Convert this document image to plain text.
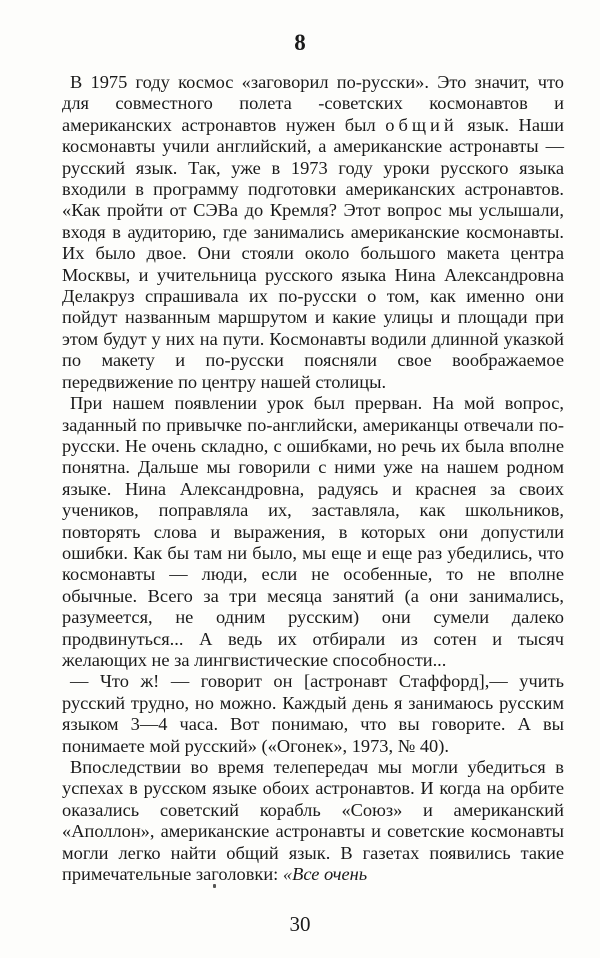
8

В 1975 году космос «заговорил по-русски». Это значит, что для совместного полета ‑советских космонавтов и американских астронавтов нужен был общий язык. Наши космонавты учили английский, а американские астронавты — русский язык. Так, уже в 1973 году уроки русского языка входили в программу подготовки американских астронавтов. «Как пройти от СЭВа до Кремля? Этот вопрос мы услышали, входя в аудиторию, где занимались американские космонавты. Их было двое. Они стояли около большого макета центра Москвы, и учительница русского языка Нина Александровна Делакруз спрашивала их по-русски о том, как именно они пойдут названным маршрутом и какие улицы и площади при этом будут у них на пути. Космонавты водили длинной указкой по макету и по-русски поясняли свое воображаемое передвижение по центру нашей столицы.

При нашем появлении урок был прерван. На мой вопрос, заданный по привычке по-английски, американцы отвечали по-русски. Не очень складно, с ошибками, но речь их была вполне понятна. Дальше мы говорили с ними уже на нашем родном языке. Нина Александровна, радуясь и краснея за своих учеников, поправляла их, заставляла, как школьников, повторять слова и выражения, в которых они допустили ошибки. Как бы там ни было, мы еще и еще раз убедились, что космонавты — люди, если не особенные, то не вполне обычные. Всего за три месяца занятий (а они занимались, разумеется, не одним русским) они сумели далеко продвинуться... А ведь их отбирали из сотен и тысяч желающих не за лингвистические способности...

— Что ж! — говорит он [астронавт Стаффорд],— учить русский трудно, но можно. Каждый день я занимаюсь русским языком 3—4 часа. Вот понимаю, что вы говорите. А вы понимаете мой русский» («Огонек», 1973, № 40).

Впоследствии во время телепередач мы могли убедиться в успехах в русском языке обоих астронавтов. И когда на орбите оказались советский корабль «Союз» и американский «Аполлон», американские астронавты и советские космонавты могли легко найти общий язык. В газетах появились такие примечательные заголовки: «Все очень

30
